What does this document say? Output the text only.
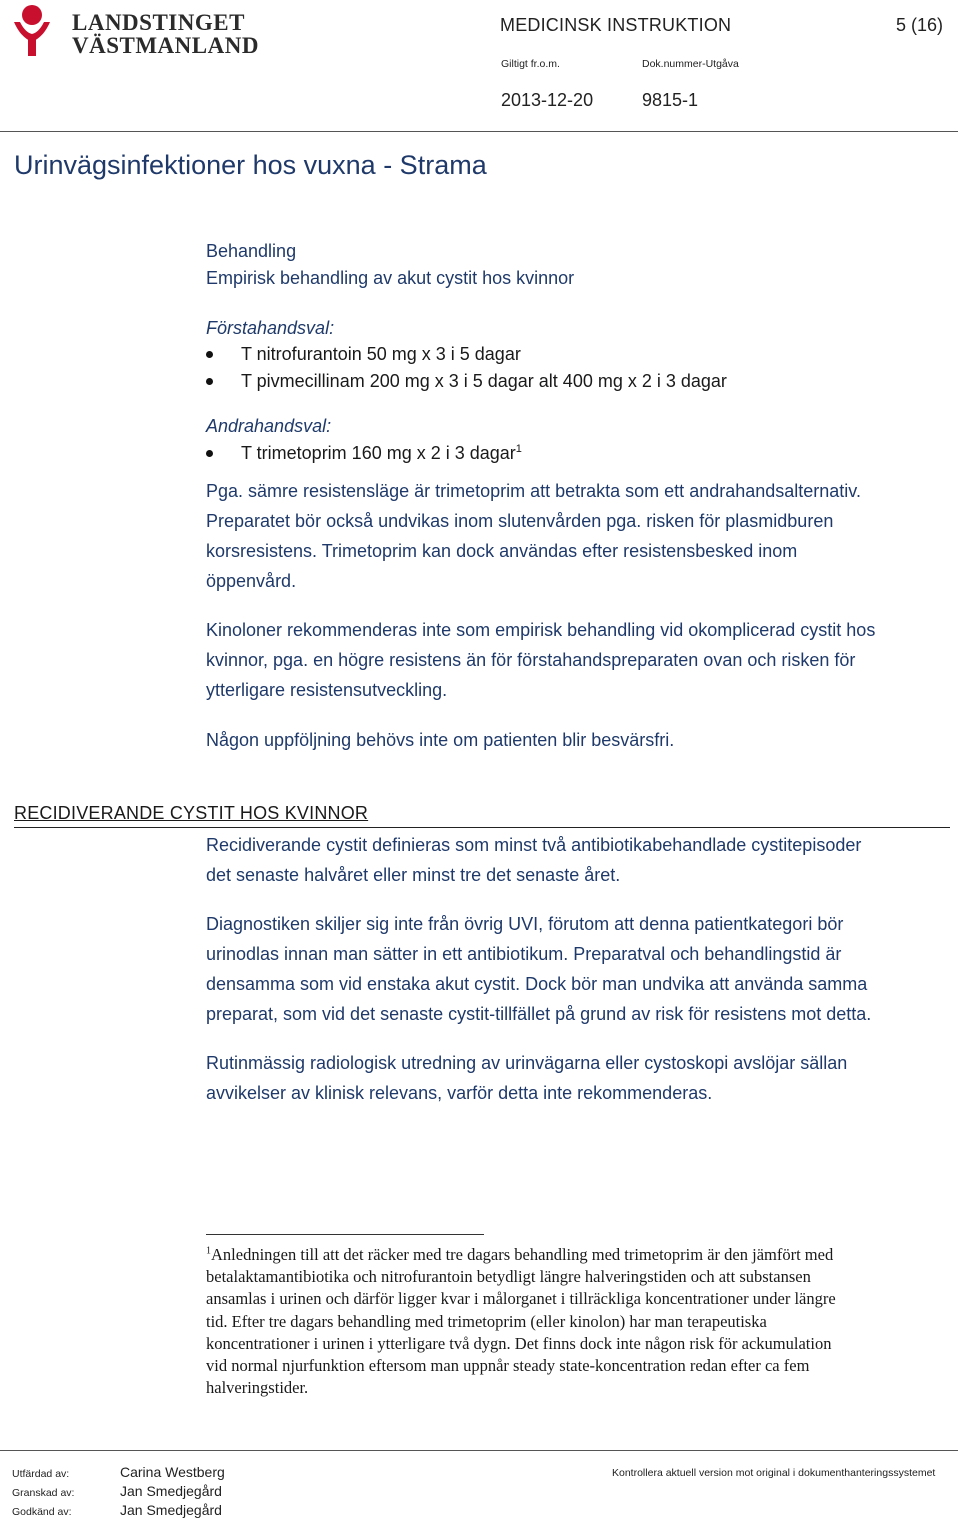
LANDSTINGET
VÄSTMANLAND
MEDICINSK INSTRUKTION	5 (16)
Giltigt fr.o.m.	Dok.nummer-Utgåva
2013-12-20	9815-1
Urinvägsinfektioner hos vuxna - Strama
Behandling
Empirisk behandling av akut cystit hos kvinnor
Förstahandsval:
T nitrofurantoin 50 mg x 3 i 5 dagar
T pivmecillinam 200 mg x 3 i 5 dagar alt 400 mg x 2 i 3 dagar
Andrahandsval:
T trimetoprim 160 mg x 2 i 3 dagar$^1$
Pga. sämre resistensläge är trimetoprim att betrakta som ett andrahandsalternativ.
Preparatet bör också undvikas inom slutenvården pga. risken för plasmidburen
korsresistens. Trimetoprim kan dock användas efter resistensbesked inom
öppenvård.
Kinoloner rekommenderas inte som empirisk behandling vid okomplicerad cystit hos
kvinnor, pga. en högre resistens än för förstahandspreparaten ovan och risken för
ytterligare resistensutveckling.
Någon uppföljning behövs inte om patienten blir besvärsfri.
RECIDIVERANDE CYSTIT HOS KVINNOR
Recidiverande cystit definieras som minst två antibiotikabehandlade cystitepisoder
det senaste halvåret eller minst tre det senaste året.
Diagnostiken skiljer sig inte från övrig UVI, förutom att denna patientkategori bör
urinodlas innan man sätter in ett antibiotikum. Preparatval och behandlingstid är
densamma som vid enstaka akut cystit. Dock bör man undvika att använda samma
preparat, som vid det senaste cystit-tillfället på grund av risk för resistens mot detta.
Rutinmässig radiologisk utredning av urinvägarna eller cystoskopi avslöjar sällan
avvikelser av klinisk relevans, varför detta inte rekommenderas.
$^1$Anledningen till att det räcker med tre dagars behandling med trimetoprim är den jämfört med
betalaktamantibiotika och nitrofurantoin betydligt längre halveringstiden och att substansen
ansamlas i urinen och därför ligger kvar i målorganet i tillräckliga koncentrationer under längre
tid. Efter tre dagars behandling med trimetoprim (eller kinolon) har man terapeutiska
koncentrationer i urinen i ytterligare två dygn. Det finns dock inte någon risk för ackumulation
vid normal njurfunktion eftersom man uppnår steady state-koncentration redan efter ca fem
halveringstider.
Utfärdad av:	Carina Westberg
Granskad av:	Jan Smedjegård
Godkänd av:	Jan Smedjegård
Kontrollera aktuell version mot original i dokumenthanteringssystemet
